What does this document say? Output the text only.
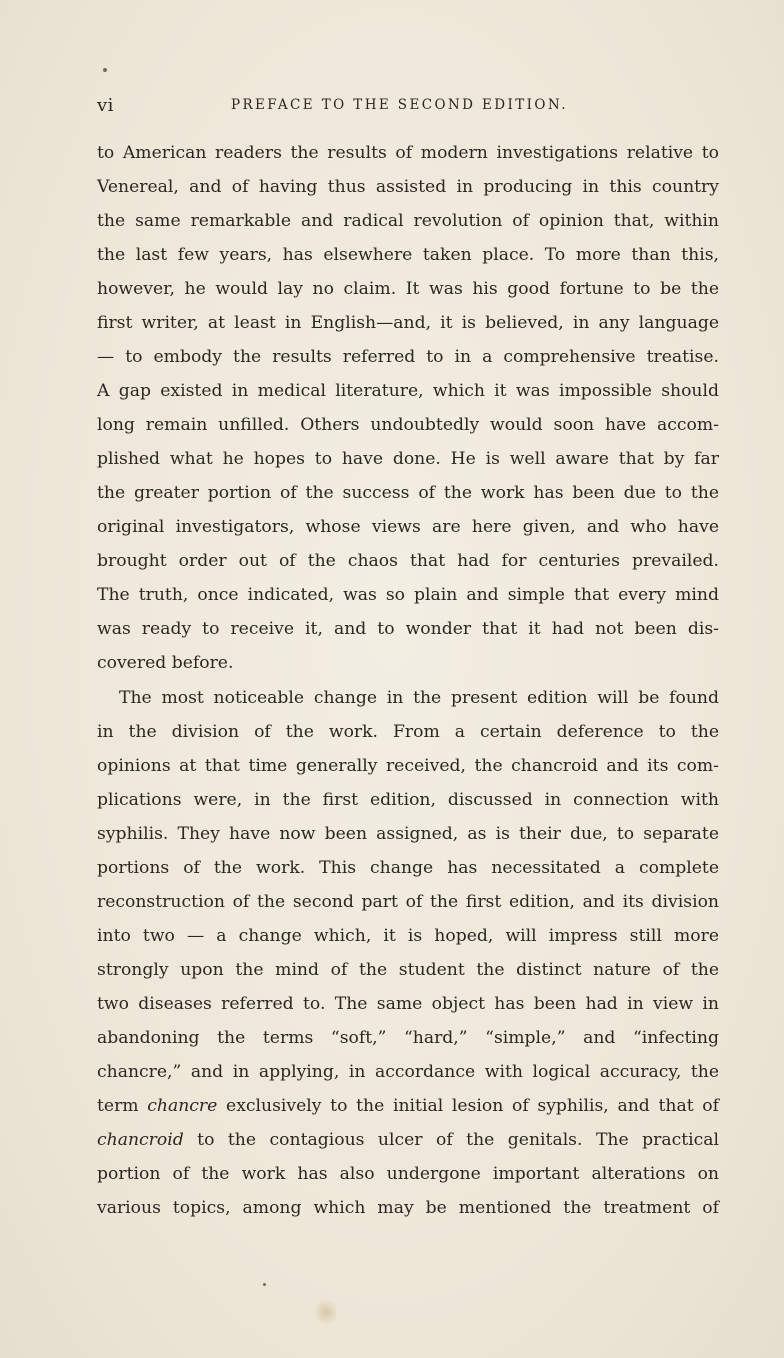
vi	PREFACE TO THE SECOND EDITION.
to American readers the results of modern investigations relative to
Venereal, and of having thus assisted in producing in this country
the same remarkable and radical revolution of opinion that, within
the last few years, has elsewhere taken place. To more than this,
however, he would lay no claim. It was his good fortune to be the
first writer, at least in English—and, it is believed, in any language
— to embody the results referred to in a comprehensive treatise.
A gap existed in medical literature, which it was impossible should
long remain unfilled. Others undoubtedly would soon have accom-
plished what he hopes to have done. He is well aware that by far
the greater portion of the success of the work has been due to the
original investigators, whose views are here given, and who have
brought order out of the chaos that had for centuries prevailed.
The truth, once indicated, was so plain and simple that every mind
was ready to receive it, and to wonder that it had not been dis-
covered before.
The most noticeable change in the present edition will be found
in the division of the work. From a certain deference to the
opinions at that time generally received, the chancroid and its com-
plications were, in the first edition, discussed in connection with
syphilis. They have now been assigned, as is their due, to separate
portions of the work. This change has necessitated a complete
reconstruction of the second part of the first edition, and its division
into two — a change which, it is hoped, will impress still more
strongly upon the mind of the student the distinct nature of the
two diseases referred to. The same object has been had in view in
abandoning the terms “soft,” “hard,” “simple,” and “infecting
chancre,” and in applying, in accordance with logical accuracy, the
term chancre exclusively to the initial lesion of syphilis, and that of
chancroid to the contagious ulcer of the genitals. The practical
portion of the work has also undergone important alterations on
various topics, among which may be mentioned the treatment of
